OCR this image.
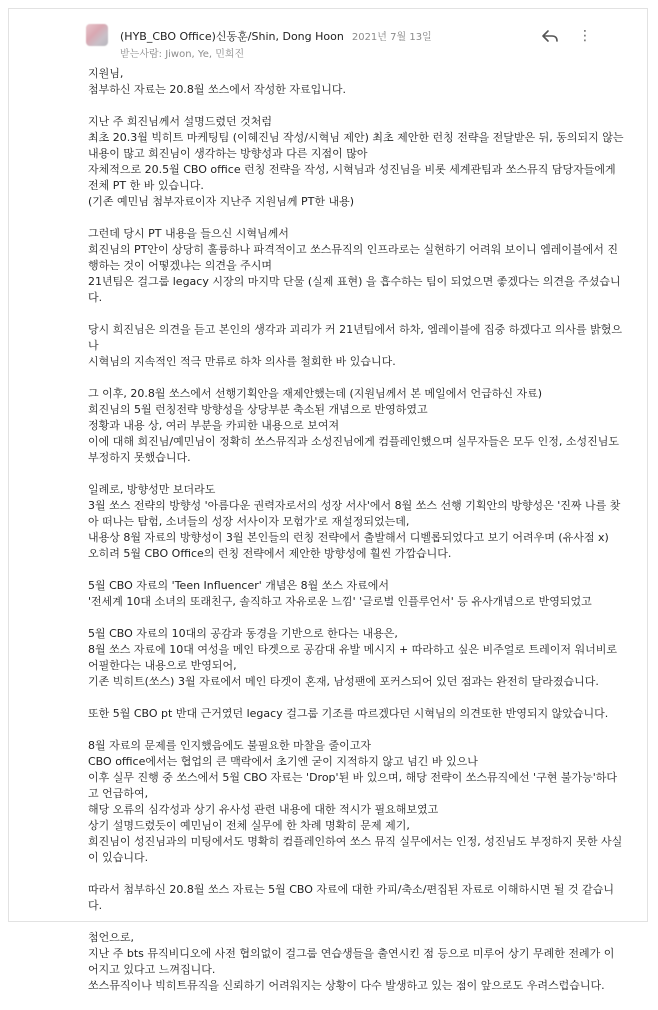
(HYB_CBO Office)신동훈/Shin, Dong Hoon 2021년 7월 13일
받는사람: Jiwon, Ye, 민희진
⋮

지원님,

첨부하신 자료는 20.8월 쏘스에서 작성한 자료입니다.

지난 주 희진님께서 설명드렸던 것처럼

최초 20.3월 빅히트 마케팅팀 (이혜진님 작성/시혁님 제안) 최초 제안한 런칭 전략을 전달받은 뒤, 동의되지 않는 내용이 많고 희진님이 생각하는 방향성과 다른 지점이 많아

자체적으로 20.5월 CBO office 런칭 전략을 작성, 시혁님과 성진님을 비롯 세계관팀과 쏘스뮤직 담당자들에게 전체 PT 한 바 있습니다.

(기존 예민님 첨부자료이자 지난주 지원님께 PT한 내용)

그런데 당시 PT 내용을 들으신 시혁님께서

희진님의 PT안이 상당히 훌륭하나 파격적이고 쏘스뮤직의 인프라로는 실현하기 어려워 보이니 엠레이블에서 진행하는 것이 어떻겠냐는 의견을 주시며

21년팀은 걸그룹 legacy 시장의 마지막 단물 (실제 표현) 을 흡수하는 팀이 되었으면 좋겠다는 의견을 주셨습니다.

당시 희진님은 의견을 듣고 본인의 생각과 괴리가 커 21년팀에서 하차, 엠레이블에 집중 하겠다고 의사를 밝혔으나

시혁님의 지속적인 적극 만류로 하차 의사를 철회한 바 있습니다.

그 이후, 20.8월 쏘스에서 선행기획안을 재제안했는데 (지원님께서 본 메일에서 언급하신 자료)

희진님의 5월 런칭전략 방향성을 상당부분 축소된 개념으로 반영하였고

정황과 내용 상, 여러 부분을 카피한 내용으로 보여져

이에 대해 희진님/예민님이 정확히 쏘스뮤직과 소성진님에게 컴플레인했으며 실무자들은 모두 인정, 소성진님도 부정하지 못했습니다.

일례로, 방향성만 보더라도

3월 쏘스 전략의 방향성 '아름다운 권력자로서의 성장 서사'에서 8월 쏘스 선행 기획안의 방향성은 '진짜 나를 찾아 떠나는 탐험, 소녀들의 성장 서사이자 모험가'로 재설정되었는데,

내용상 8월 자료의 방향성이 3월 본인들의 런칭 전략에서 출발해서 디벨롭되었다고 보기 어려우며 (유사점 x)

오히려 5월 CBO Office의 런칭 전략에서 제안한 방향성에 훨씬 가깝습니다.

5월 CBO 자료의 'Teen Influencer' 개념은 8월 쏘스 자료에서

'전세계 10대 소녀의 또래친구, 솔직하고 자유로운 느낌' '글로벌 인플루언서' 등 유사개념으로 반영되었고

5월 CBO 자료의 10대의 공감과 동경을 기반으로 한다는 내용은,

8월 쏘스 자료에 10대 여성을 메인 타겟으로 공감대 유발 메시지 + 따라하고 싶은 비주얼로 트레이저 워너비로 어필한다는 내용으로 반영되어,

기존 빅히트(쏘스) 3월 자료에서 메인 타겟이 혼재, 남성팬에 포커스되어 있던 점과는 완전히 달라졌습니다.

또한 5월 CBO pt 반대 근거였던 legacy 걸그룹 기조를 따르겠다던 시혁님의 의견또한 반영되지 않았습니다.

8월 자료의 문제를 인지했음에도 불필요한 마찰을 줄이고자

CBO office에서는 협업의 큰 맥락에서 초기엔 굳이 지적하지 않고 넘긴 바 있으나

이후 실무 진행 중 쏘스에서 5월 CBO 자료는 'Drop'된 바 있으며, 해당 전략이 쏘스뮤직에선 '구현 불가능'하다고 언급하여,

해당 오류의 심각성과 상기 유사성 관련 내용에 대한 적시가 필요해보였고

상기 설명드렸듯이 예민님이 전체 실무에 한 차례 명확히 문제 제기,

희진님이 성진님과의 미팅에서도 명확히 컴플레인하여 쏘스 뮤직 실무에서는 인정, 성진님도 부정하지 못한 사실이 있습니다.

따라서 첨부하신 20.8월 쏘스 자료는 5월 CBO 자료에 대한 카피/축소/편집된 자료로 이해하시면 될 것 같습니다.

첨언으로,

지난 주 bts 뮤직비디오에 사전 협의없이 걸그룹 연습생들을 출연시킨 점 등으로 미루어 상기 무례한 전례가 이어지고 있다고 느껴집니다.

쏘스뮤직이나 빅히트뮤직을 신뢰하기 어려워지는 상황이 다수 발생하고 있는 점이 앞으로도 우려스럽습니다.
